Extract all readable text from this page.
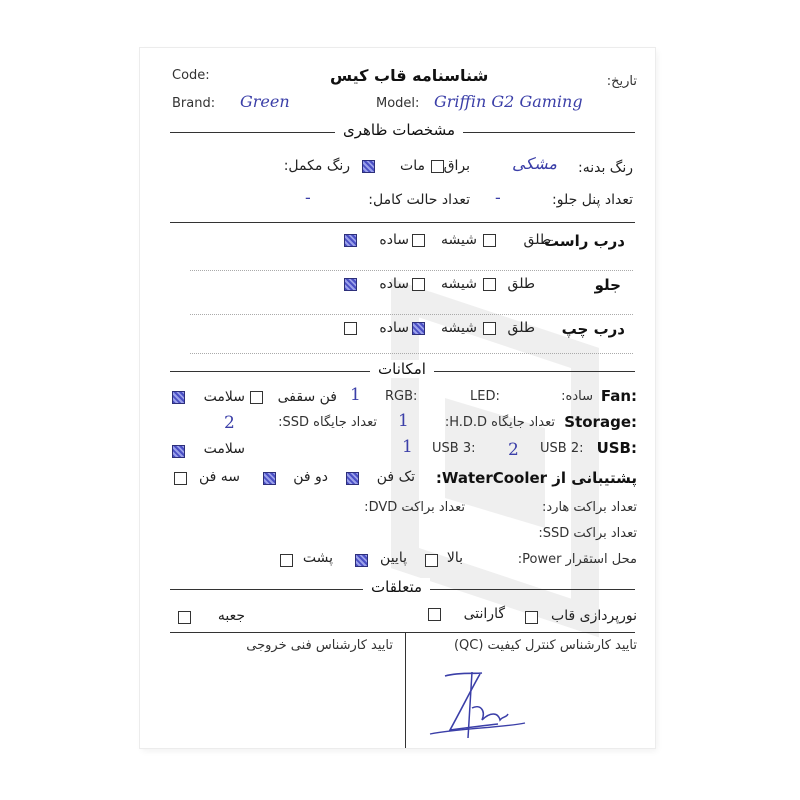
تاریخ:
شناسنامه قاب کیس
Code:
Brand: Green	Model: Griffin G2 Gaming
مشخصات ظاهری
رنگ بدنه:
مشکی
براق
مات
رنگ مکمل:
تعداد پنل جلو:
-
تعداد حالت کامل:
-
درب راست
طلق
شیشه
ساده
جلو
طلق
شیشه
ساده
درب چپ
طلق
شیشه
ساده
امکانات
Fan:
ساده:
LED:
RGB:
1
فن سقفی
سلامت
Storage:
تعداد جایگاه H.D.D:
1
تعداد جایگاه SSD:
2
USB:
USB 2:
2
USB 3:
1
سلامت
پشتیبانی از WaterCooler:
تک فن
دو فن
سه فن
تعداد براکت هارد:
تعداد براکت DVD:
تعداد براکت SSD:
محل استقرار Power:
بالا
پایین
پشت
متعلقات
نورپردازی قاب
گارانتی
جعبه
تایید کارشناس کنترل کیفیت (QC)
تایید کارشناس فنی خروجی
